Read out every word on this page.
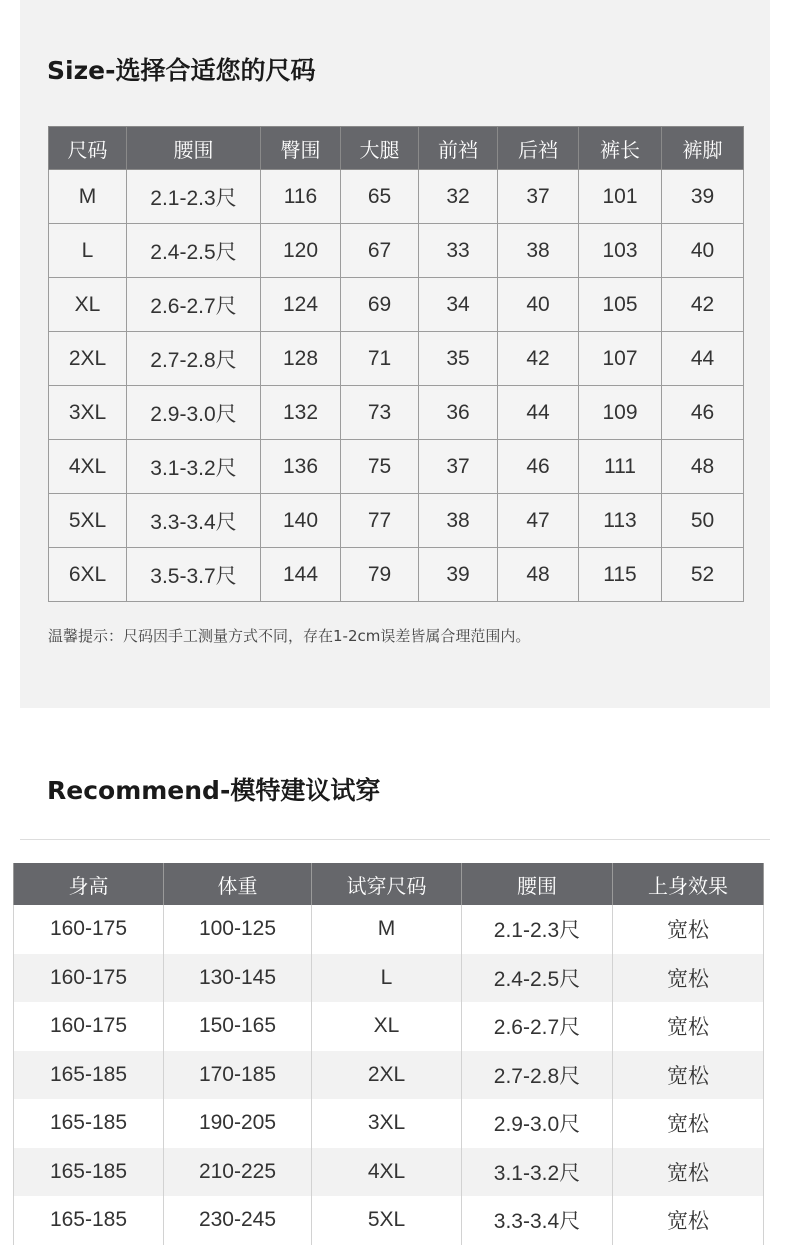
Size-选择合适您的尺码
尺码	腰围	臀围	大腿	前裆	后裆	裤长	裤脚
M	2.1-2.3尺	116	65	32	37	101	39
L	2.4-2.5尺	120	67	33	38	103	40
XL	2.6-2.7尺	124	69	34	40	105	42
2XL	2.7-2.8尺	128	71	35	42	107	44
3XL	2.9-3.0尺	132	73	36	44	109	46
4XL	3.1-3.2尺	136	75	37	46	111	48
5XL	3.3-3.4尺	140	77	38	47	113	50
6XL	3.5-3.7尺	144	79	39	48	115	52
温馨提示：尺码因手工测量方式不同，存在1-2cm误差皆属合理范围内。
Recommend-模特建议试穿
身高	体重	试穿尺码	腰围	上身效果
160-175	100-125	M	2.1-2.3尺	宽松
160-175	130-145	L	2.4-2.5尺	宽松
160-175	150-165	XL	2.6-2.7尺	宽松
165-185	170-185	2XL	2.7-2.8尺	宽松
165-185	190-205	3XL	2.9-3.0尺	宽松
165-185	210-225	4XL	3.1-3.2尺	宽松
165-185	230-245	5XL	3.3-3.4尺	宽松
